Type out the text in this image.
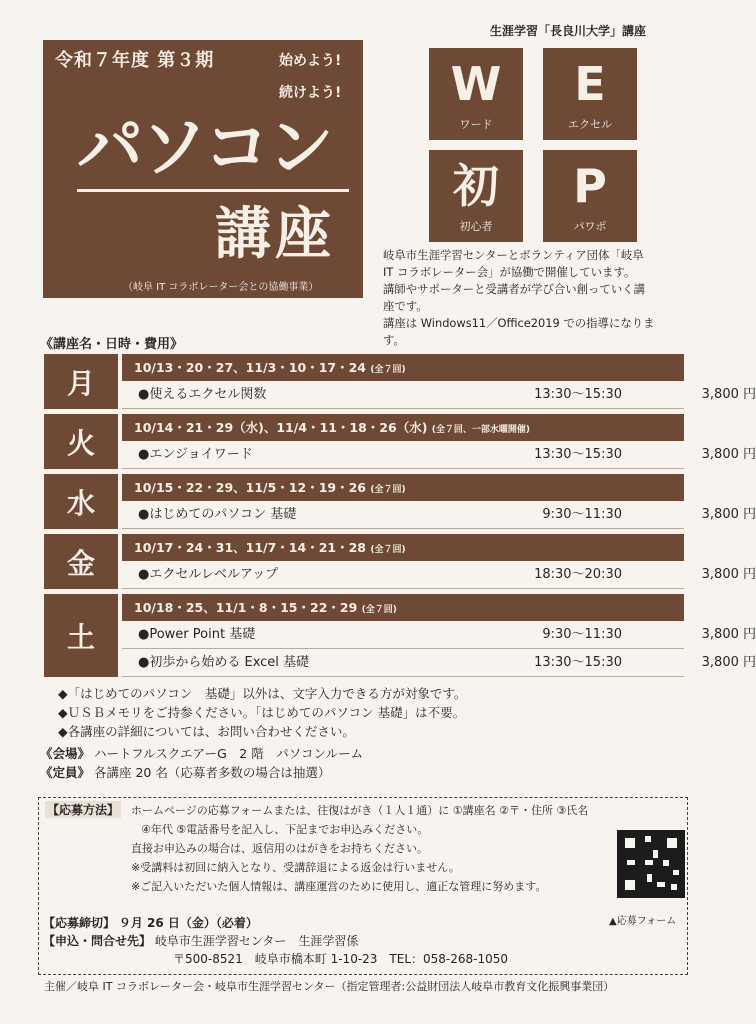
令和７年度 第３期	始めよう!
続けよう!
パソコン
講座
（岐阜 IT コラボレーター会との協働事業）
生涯学習「長良川大学」講座
W
ワード
E
エクセル
初
初心者
P
パワポ

岐阜市生涯学習センターとボランティア団体「岐阜

IT コラボレーター会」が協働で開催しています。

講師やサポーターと受講者が学び合い創っていく講

座です。

講座は Windows11／Office2019 での指導になりま

す。

《講座名・日時・費用》
月	10/13・20・27、11/3・10・17・24 (全７回)
●使えるエクセル関数	13:30～15:30	3,800 円
火	10/14・21・29（水)、11/4・11・18・26（水) (全７回、一部水曜開催)
●エンジョイワード	13:30～15:30	3,800 円
水	10/15・22・29、11/5・12・19・26 (全７回)
●はじめてのパソコン 基礎	9:30～11:30	3,800 円
金	10/17・24・31、11/7・14・21・28 (全７回)
●エクセルレベルアップ	18:30～20:30	3,800 円
土
10/18・25、11/1・8・15・22・29 (全７回)
●Power Point 基礎	9:30～11:30	3,800 円
●初歩から始める Excel 基礎	13:30～15:30	3,800 円
◆「はじめてのパソコン　基礎」以外は、文字入力できる方が対象です。
◆ＵＳＢメモリをご持参ください。「はじめてのパソコン 基礎」は不要。
◆各講座の詳細については、お問い合わせください。
《会場》 ハートフルスクエアーG　2 階　パソコンルーム
《定員》 各講座 20 名（応募者多数の場合は抽選）
【応募方法】 ホームページの応募フォームまたは、往復はがき（１人１通）に ①講座名 ②〒・住所 ③氏名
④年代 ⑤電話番号を記入し、下記までお申込みください。
直接お申込みの場合は、返信用のはがきをお持ちください。
※受講料は初回に納入となり、受講辞退による返金は行いません。
※ご記入いただいた個人情報は、講座運営のために使用し、適正な管理に努めます。
▲応募フォーム
【応募締切】 ９月 26 日（金）（必着）
【申込・問合せ先】 岐阜市生涯学習センター　生涯学習係
〒500-8521　岐阜市橋本町 1-10-23　TEL：058-268-1050
主催／岐阜 IT コラボレーター会・岐阜市生涯学習センター（指定管理者:公益財団法人岐阜市教育文化振興事業団）
